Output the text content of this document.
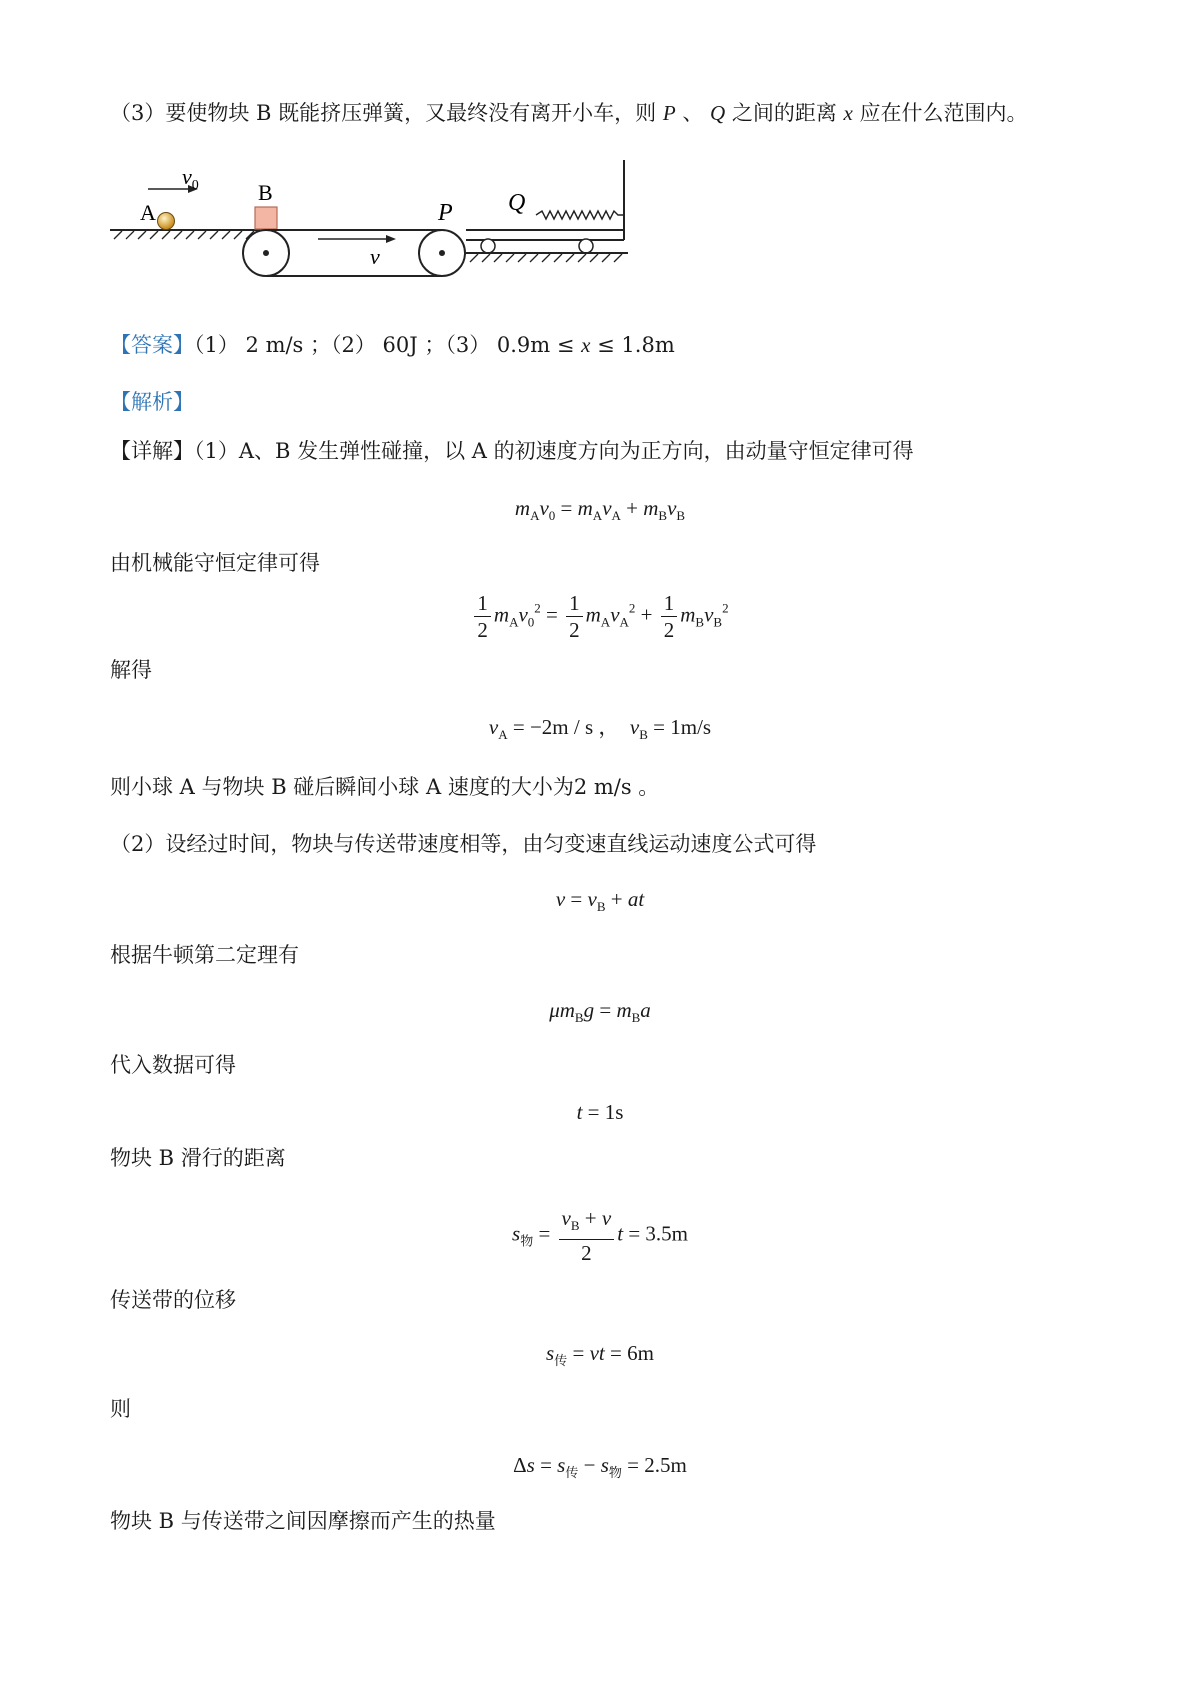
（3）要使物块 B 既能挤压弹簧，又最终没有离开小车，则 P 、 Q 之间的距离 x 应在什么范围内。
A
$v_0$	B
v
P Q
【答案】（1） 2 m/s ；（2） 60J ；（3） 0.9m ≤ x ≤ 1.8m
【解析】
【详解】（1）A、B 发生弹性碰撞，以 A 的初速度方向为正方向，由动量守恒定律可得
$m_Av_0 = m_Av_A + m_Bv_B$
由机械能守恒定律可得
$\frac{1}{2} m_Av_0^2 = \frac{1}{2} m_Av_A^2 + \frac{1}{2} m_Bv_B^2$
解得
$v_A = -2m / s$ ， $v_B = 1m/s$
则小球 A 与物块 B 碰后瞬间小球 A 速度的大小为2 m/s 。
（2）设经过时间，物块与传送带速度相等，由匀变速直线运动速度公式可得
$v = v_B$ + at
根据牛顿第二定理有
$\mu m_Bg = m_Ba$
代入数据可得
t = 1s
物块 B 滑行的距离
$s_物 = \frac{v_B + v}{2}$ t = 3.5m
传送带的位移
$s_传$ = vt = 6m
则
$\Delta s = s_传 - s_物 = 2.5m$
物块 B 与传送带之间因摩擦而产生的热量
